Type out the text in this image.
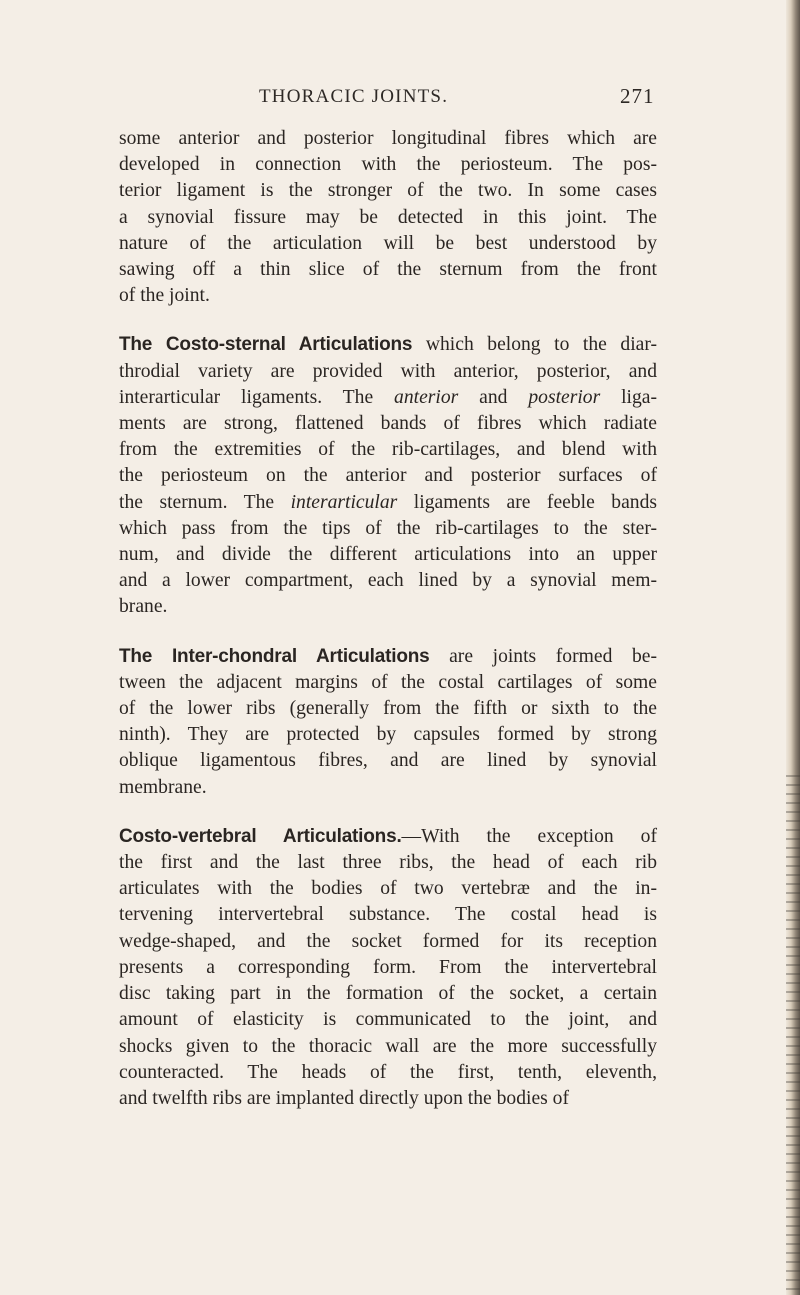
THORACIC JOINTS.	271
some anterior and posterior longitudinal fibres which are
developed in connection with the periosteum. The pos-
terior ligament is the stronger of the two. In some cases
a synovial fissure may be detected in this joint. The
nature of the articulation will be best understood by
sawing off a thin slice of the sternum from the front
of the joint.
The Costo-sternal Articulations which belong to the diar-
throdial variety are provided with anterior, posterior, and
interarticular ligaments. The anterior and posterior liga-
ments are strong, flattened bands of fibres which radiate
from the extremities of the rib-cartilages, and blend with
the periosteum on the anterior and posterior surfaces of
the sternum. The interarticular ligaments are feeble bands
which pass from the tips of the rib-cartilages to the ster-
num, and divide the different articulations into an upper
and a lower compartment, each lined by a synovial mem-
brane.
The Inter-chondral Articulations are joints formed be-
tween the adjacent margins of the costal cartilages of some
of the lower ribs (generally from the fifth or sixth to the
ninth). They are protected by capsules formed by strong
oblique ligamentous fibres, and are lined by synovial
membrane.
Costo-vertebral Articulations.—With the exception of
the first and the last three ribs, the head of each rib
articulates with the bodies of two vertebræ and the in-
tervening intervertebral substance. The costal head is
wedge-shaped, and the socket formed for its reception
presents a corresponding form. From the intervertebral
disc taking part in the formation of the socket, a certain
amount of elasticity is communicated to the joint, and
shocks given to the thoracic wall are the more successfully
counteracted. The heads of the first, tenth, eleventh,
and twelfth ribs are implanted directly upon the bodies of
